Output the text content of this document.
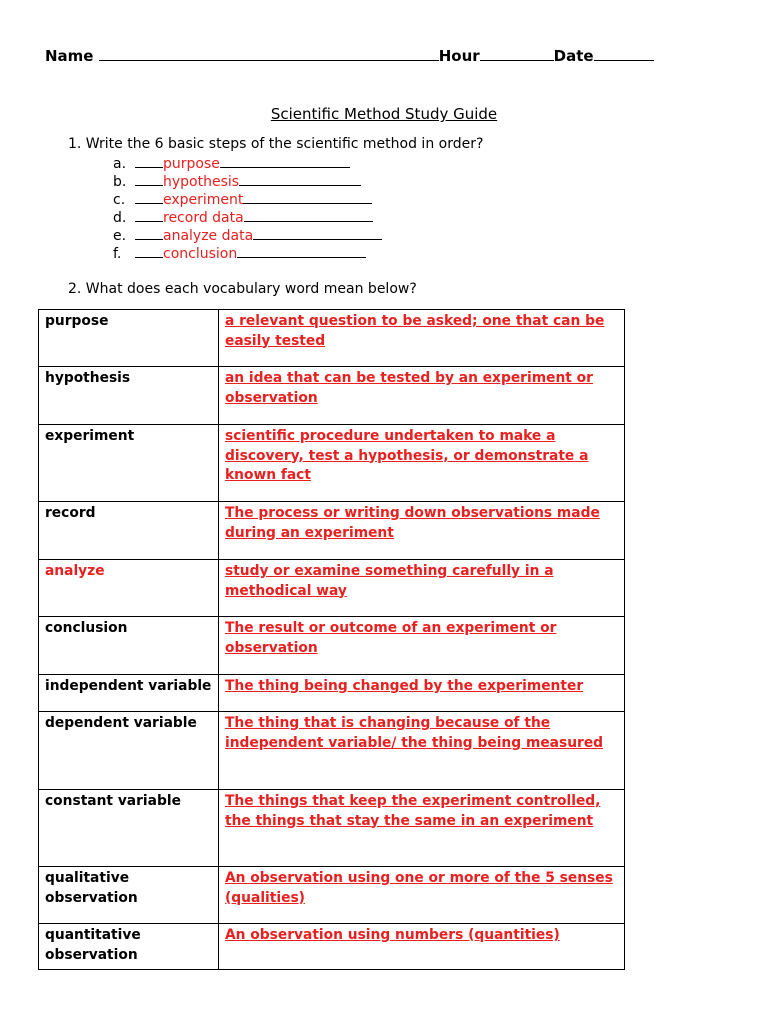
Name	Hour	Date
Scientific Method Study Guide
1. Write the 6 basic steps of the scientific method in order?
a.	purpose
b.	hypothesis
c.	experiment
d.	record data
e.	analyze data
f.	conclusion
2. What does each vocabulary word mean below?
purpose	a relevant question to be asked; one that can be easily tested
hypothesis	an idea that can be tested by an experiment or observation
experiment	scientific procedure undertaken to make a discovery, test a hypothesis, or demonstrate a known fact
record	The process or writing down observations made during an experiment
analyze	study or examine something carefully in a methodical way
conclusion	The result or outcome of an experiment or observation
independent variable	The thing being changed by the experimenter
dependent variable	The thing that is changing because of the independent variable/ the thing being measured
constant variable	The things that keep the experiment controlled, the things that stay the same in an experiment
qualitative observation	An observation using one or more of the 5 senses (qualities)
quantitative observation	An observation using numbers (quantities)
